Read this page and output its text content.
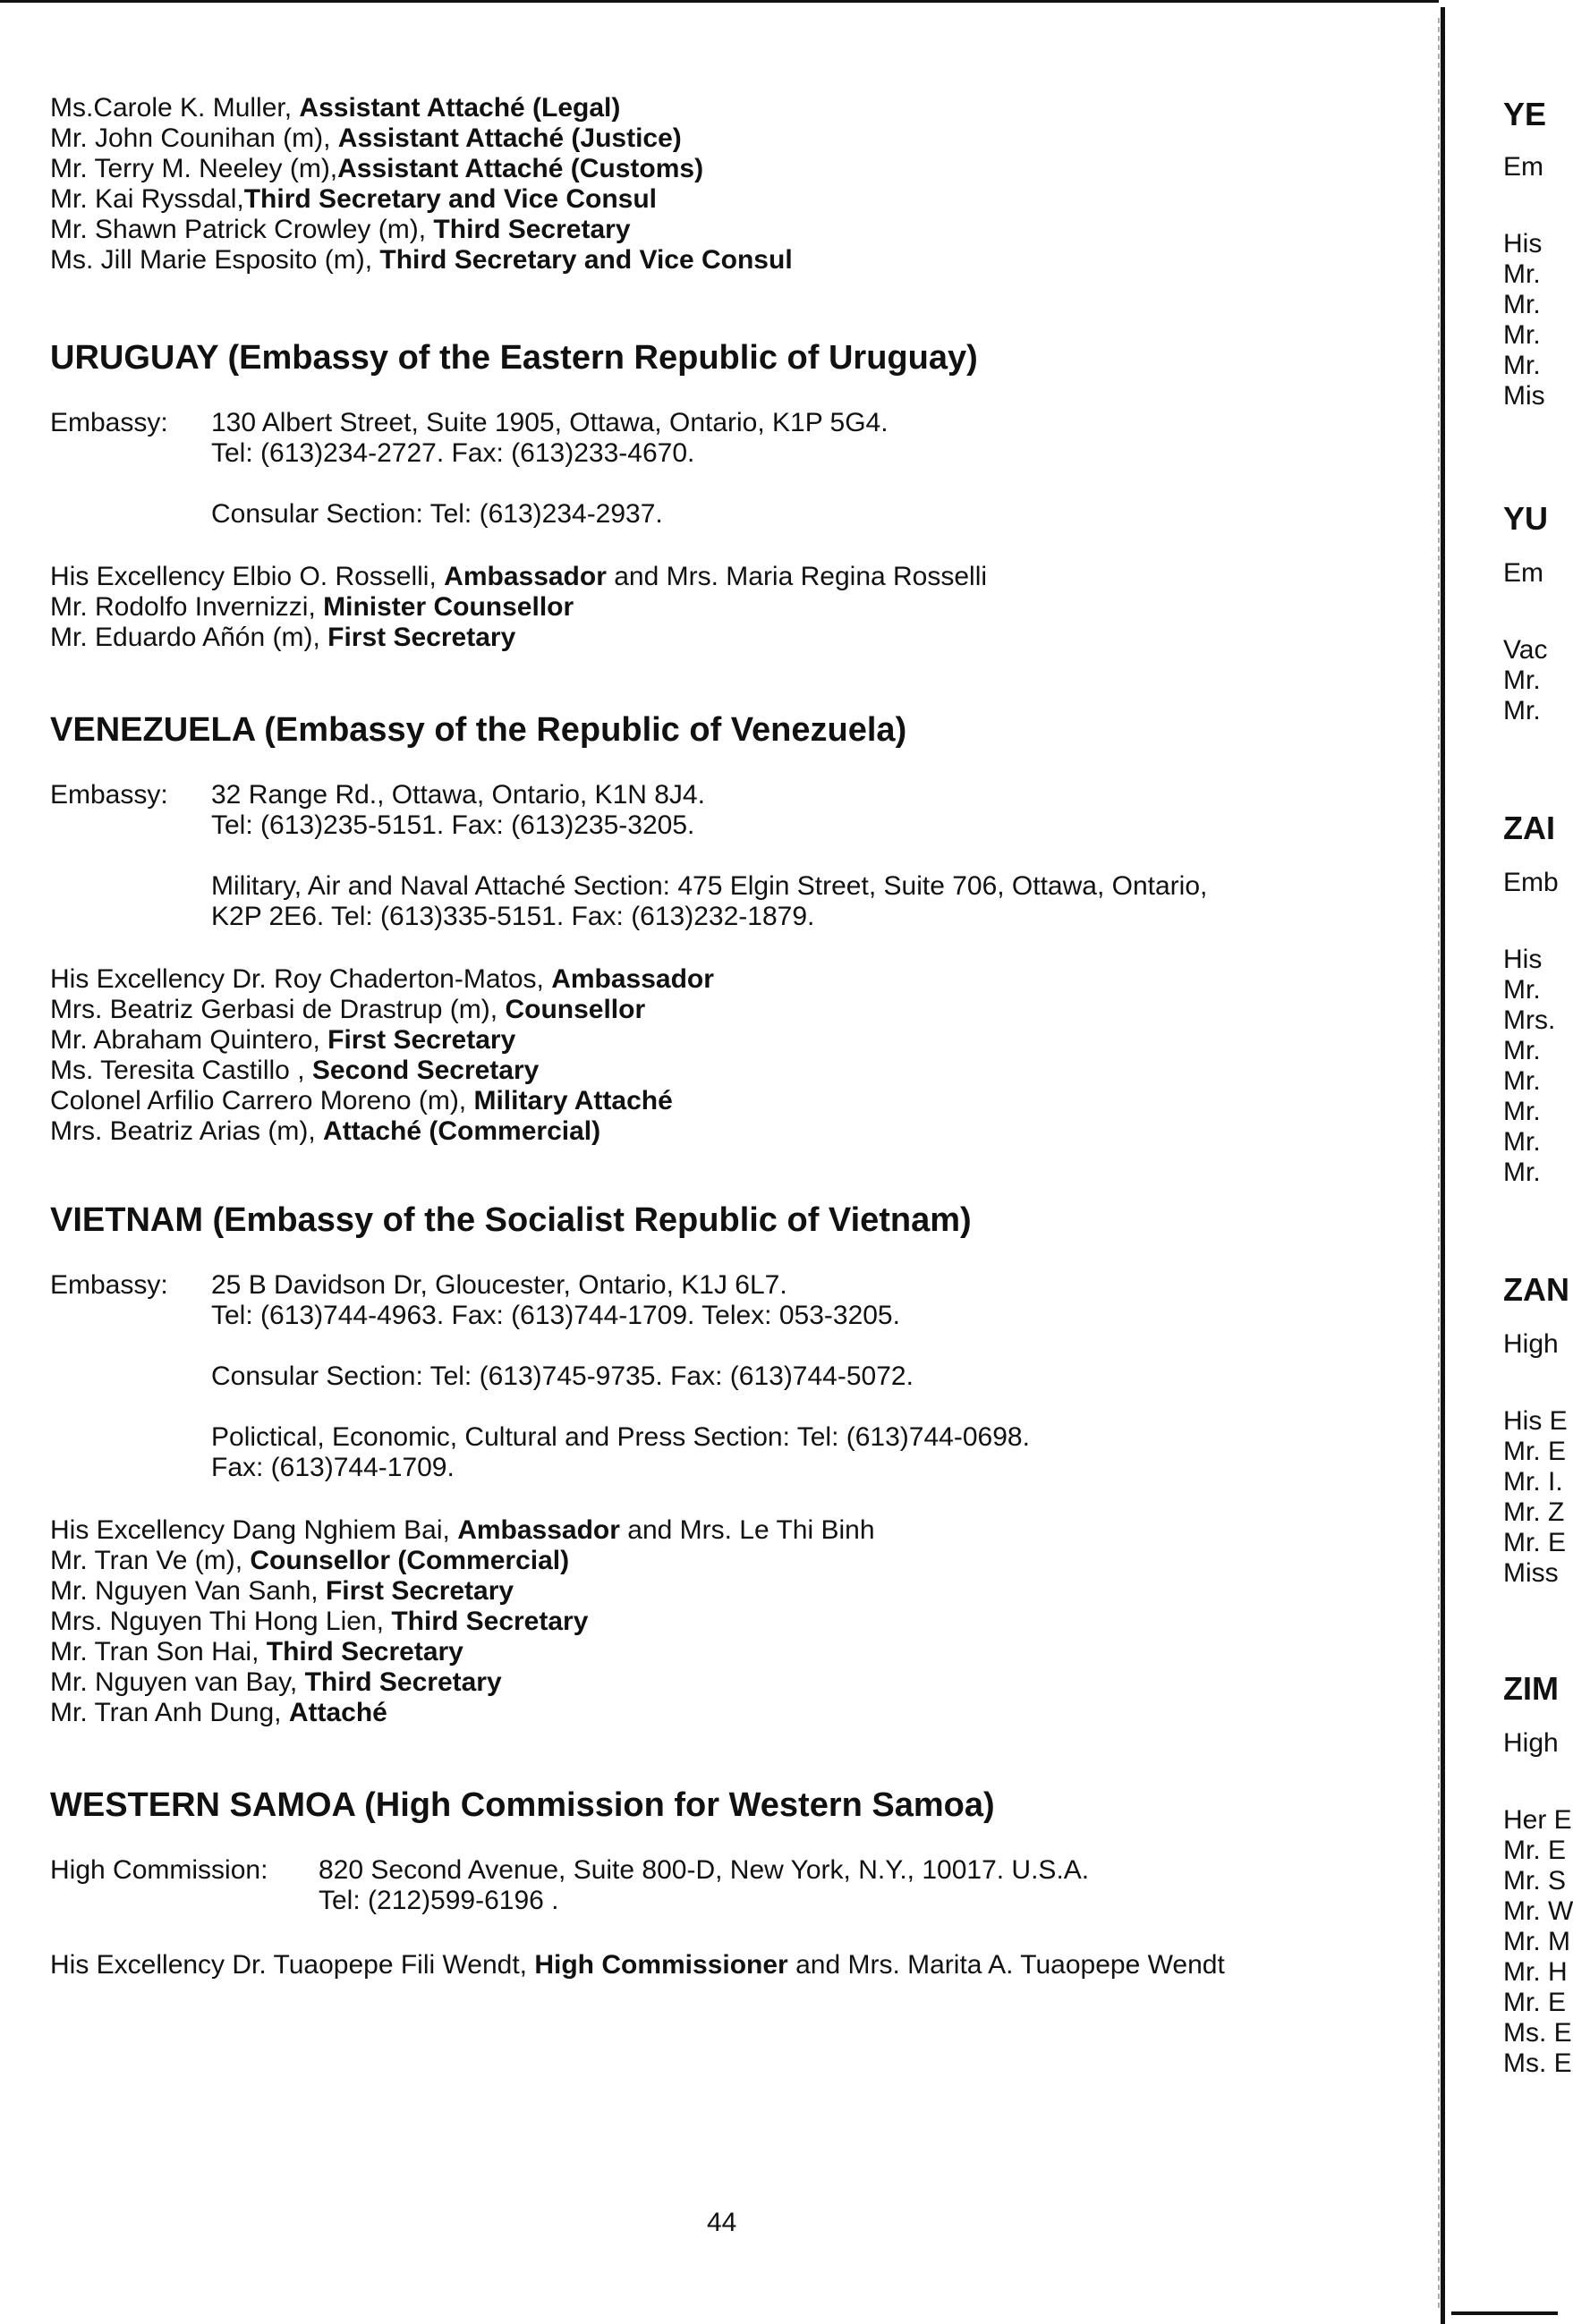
Ms.Carole K. Muller, Assistant Attaché (Legal)
Mr. John Counihan (m), Assistant Attaché (Justice)
Mr. Terry M. Neeley (m),Assistant Attaché (Customs)
Mr. Kai Ryssdal,Third Secretary and Vice Consul
Mr. Shawn Patrick Crowley (m), Third Secretary
Ms. Jill Marie Esposito (m), Third Secretary and Vice Consul
URUGUAY (Embassy of the Eastern Republic of Uruguay)
Embassy: 130 Albert Street, Suite 1905, Ottawa, Ontario, K1P 5G4.
Tel: (613)234-2727. Fax: (613)233-4670.
Consular Section: Tel: (613)234-2937.
His Excellency Elbio O. Rosselli, Ambassador and Mrs. Maria Regina Rosselli
Mr. Rodolfo Invernizzi, Minister Counsellor
Mr. Eduardo Añón (m), First Secretary
VENEZUELA (Embassy of the Republic of Venezuela)
Embassy: 32 Range Rd., Ottawa, Ontario, K1N 8J4.
Tel: (613)235-5151. Fax: (613)235-3205.
Military, Air and Naval Attaché Section: 475 Elgin Street, Suite 706, Ottawa, Ontario,
K2P 2E6. Tel: (613)335-5151. Fax: (613)232-1879.
His Excellency Dr. Roy Chaderton-Matos, Ambassador
Mrs. Beatriz Gerbasi de Drastrup (m), Counsellor
Mr. Abraham Quintero, First Secretary
Ms. Teresita Castillo , Second Secretary
Colonel Arfilio Carrero Moreno (m), Military Attaché
Mrs. Beatriz Arias (m), Attaché (Commercial)
VIETNAM (Embassy of the Socialist Republic of Vietnam)
Embassy: 25 B Davidson Dr, Gloucester, Ontario, K1J 6L7.
Tel: (613)744-4963. Fax: (613)744-1709. Telex: 053-3205.
Consular Section: Tel: (613)745-9735. Fax: (613)744-5072.
Polictical, Economic, Cultural and Press Section: Tel: (613)744-0698.
Fax: (613)744-1709.
His Excellency Dang Nghiem Bai, Ambassador and Mrs. Le Thi Binh
Mr. Tran Ve (m), Counsellor (Commercial)
Mr. Nguyen Van Sanh, First Secretary
Mrs. Nguyen Thi Hong Lien, Third Secretary
Mr. Tran Son Hai, Third Secretary
Mr. Nguyen van Bay, Third Secretary
Mr. Tran Anh Dung, Attaché
WESTERN SAMOA (High Commission for Western Samoa)
High Commission: 820 Second Avenue, Suite 800-D, New York, N.Y., 10017. U.S.A.
Tel: (212)599-6196 .
His Excellency Dr. Tuaopepe Fili Wendt, High Commissioner and Mrs. Marita A. Tuaopepe Wendt
YE
Em
His
Mr.
Mr.
Mr.
Mr.
Mis
YU
Em
Vac
Mr.
Mr.
ZAI
Emb
His
Mr.
Mrs.
Mr.
Mr.
Mr.
Mr.
Mr.
ZAN
High
His E
Mr. E
Mr. I.
Mr. Z
Mr. E
Miss
ZIM
High
Her E
Mr. E
Mr. S
Mr. W
Mr. M
Mr. H
Mr. E
Ms. E
Ms. E
44
